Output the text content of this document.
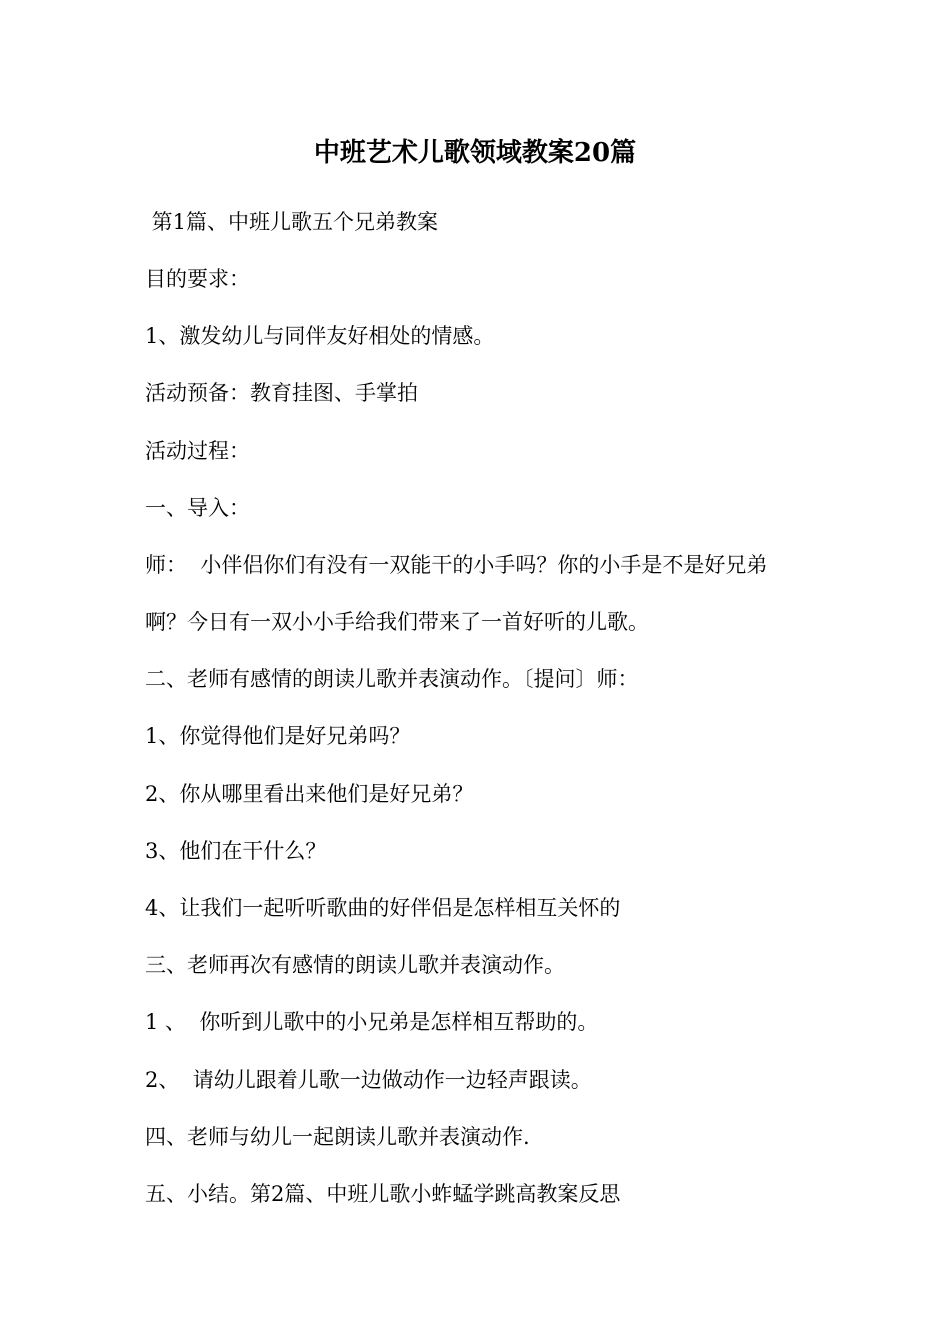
中班艺术儿歌领域教案20篇
第1篇、中班儿歌五个兄弟教案
目的要求：
1、激发幼儿与同伴友好相处的情感。
活动预备：教育挂图、手掌拍
活动过程：
一、导入：
师：  小伴侣你们有没有一双能干的小手吗？你的小手是不是好兄弟
啊？今日有一双小小手给我们带来了一首好听的儿歌。
二、老师有感情的朗读儿歌并表演动作。〔提问〕师：
1、你觉得他们是好兄弟吗？
2、你从哪里看出来他们是好兄弟？
3、他们在干什么？
4、让我们一起听听歌曲的好伴侣是怎样相互关怀的
三、老师再次有感情的朗读儿歌并表演动作。
1 、  你听到儿歌中的小兄弟是怎样相互帮助的。
2、  请幼儿跟着儿歌一边做动作一边轻声跟读。
四、老师与幼儿一起朗读儿歌并表演动作.
五、小结。第2篇、中班儿歌小蚱蜢学跳高教案反思
